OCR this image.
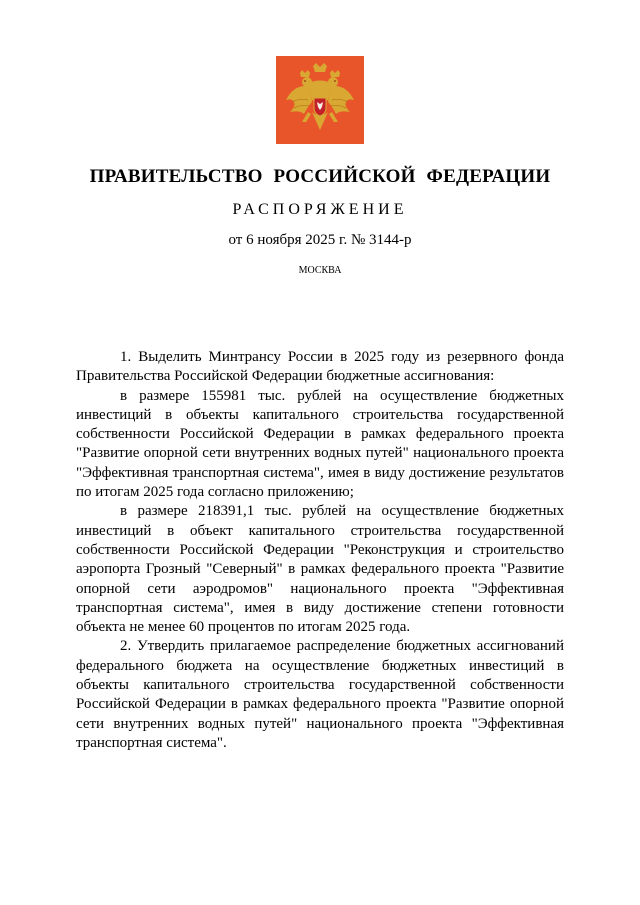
ПРАВИТЕЛЬСТВО РОССИЙСКОЙ ФЕДЕРАЦИИ
РАСПОРЯЖЕНИЕ
от 6 ноября 2025 г. № 3144-р
МОСКВА

1. Выделить Минтрансу России в 2025 году из резервного фонда Правительства Российской Федерации бюджетные ассигнования:

в размере 155981 тыс. рублей на осуществление бюджетных инвестиций в объекты капитального строительства государственной собственности Российской Федерации в рамках федерального проекта "Развитие опорной сети внутренних водных путей" национального проекта "Эффективная транспортная система", имея в виду достижение результатов по итогам 2025 года согласно приложению;

в размере 218391,1 тыс. рублей на осуществление бюджетных инвестиций в объект капитального строительства государственной собственности Российской Федерации "Реконструкция и строительство аэропорта Грозный "Северный" в рамках федерального проекта "Развитие опорной сети аэродромов" национального проекта "Эффективная транспортная система", имея в виду достижение степени готовности объекта не менее 60 процентов по итогам 2025 года.

2. Утвердить прилагаемое распределение бюджетных ассигнований федерального бюджета на осуществление бюджетных инвестиций в объекты капитального строительства государственной собственности Российской Федерации в рамках федерального проекта "Развитие опорной сети внутренних водных путей" национального проекта "Эффективная транспортная система".
